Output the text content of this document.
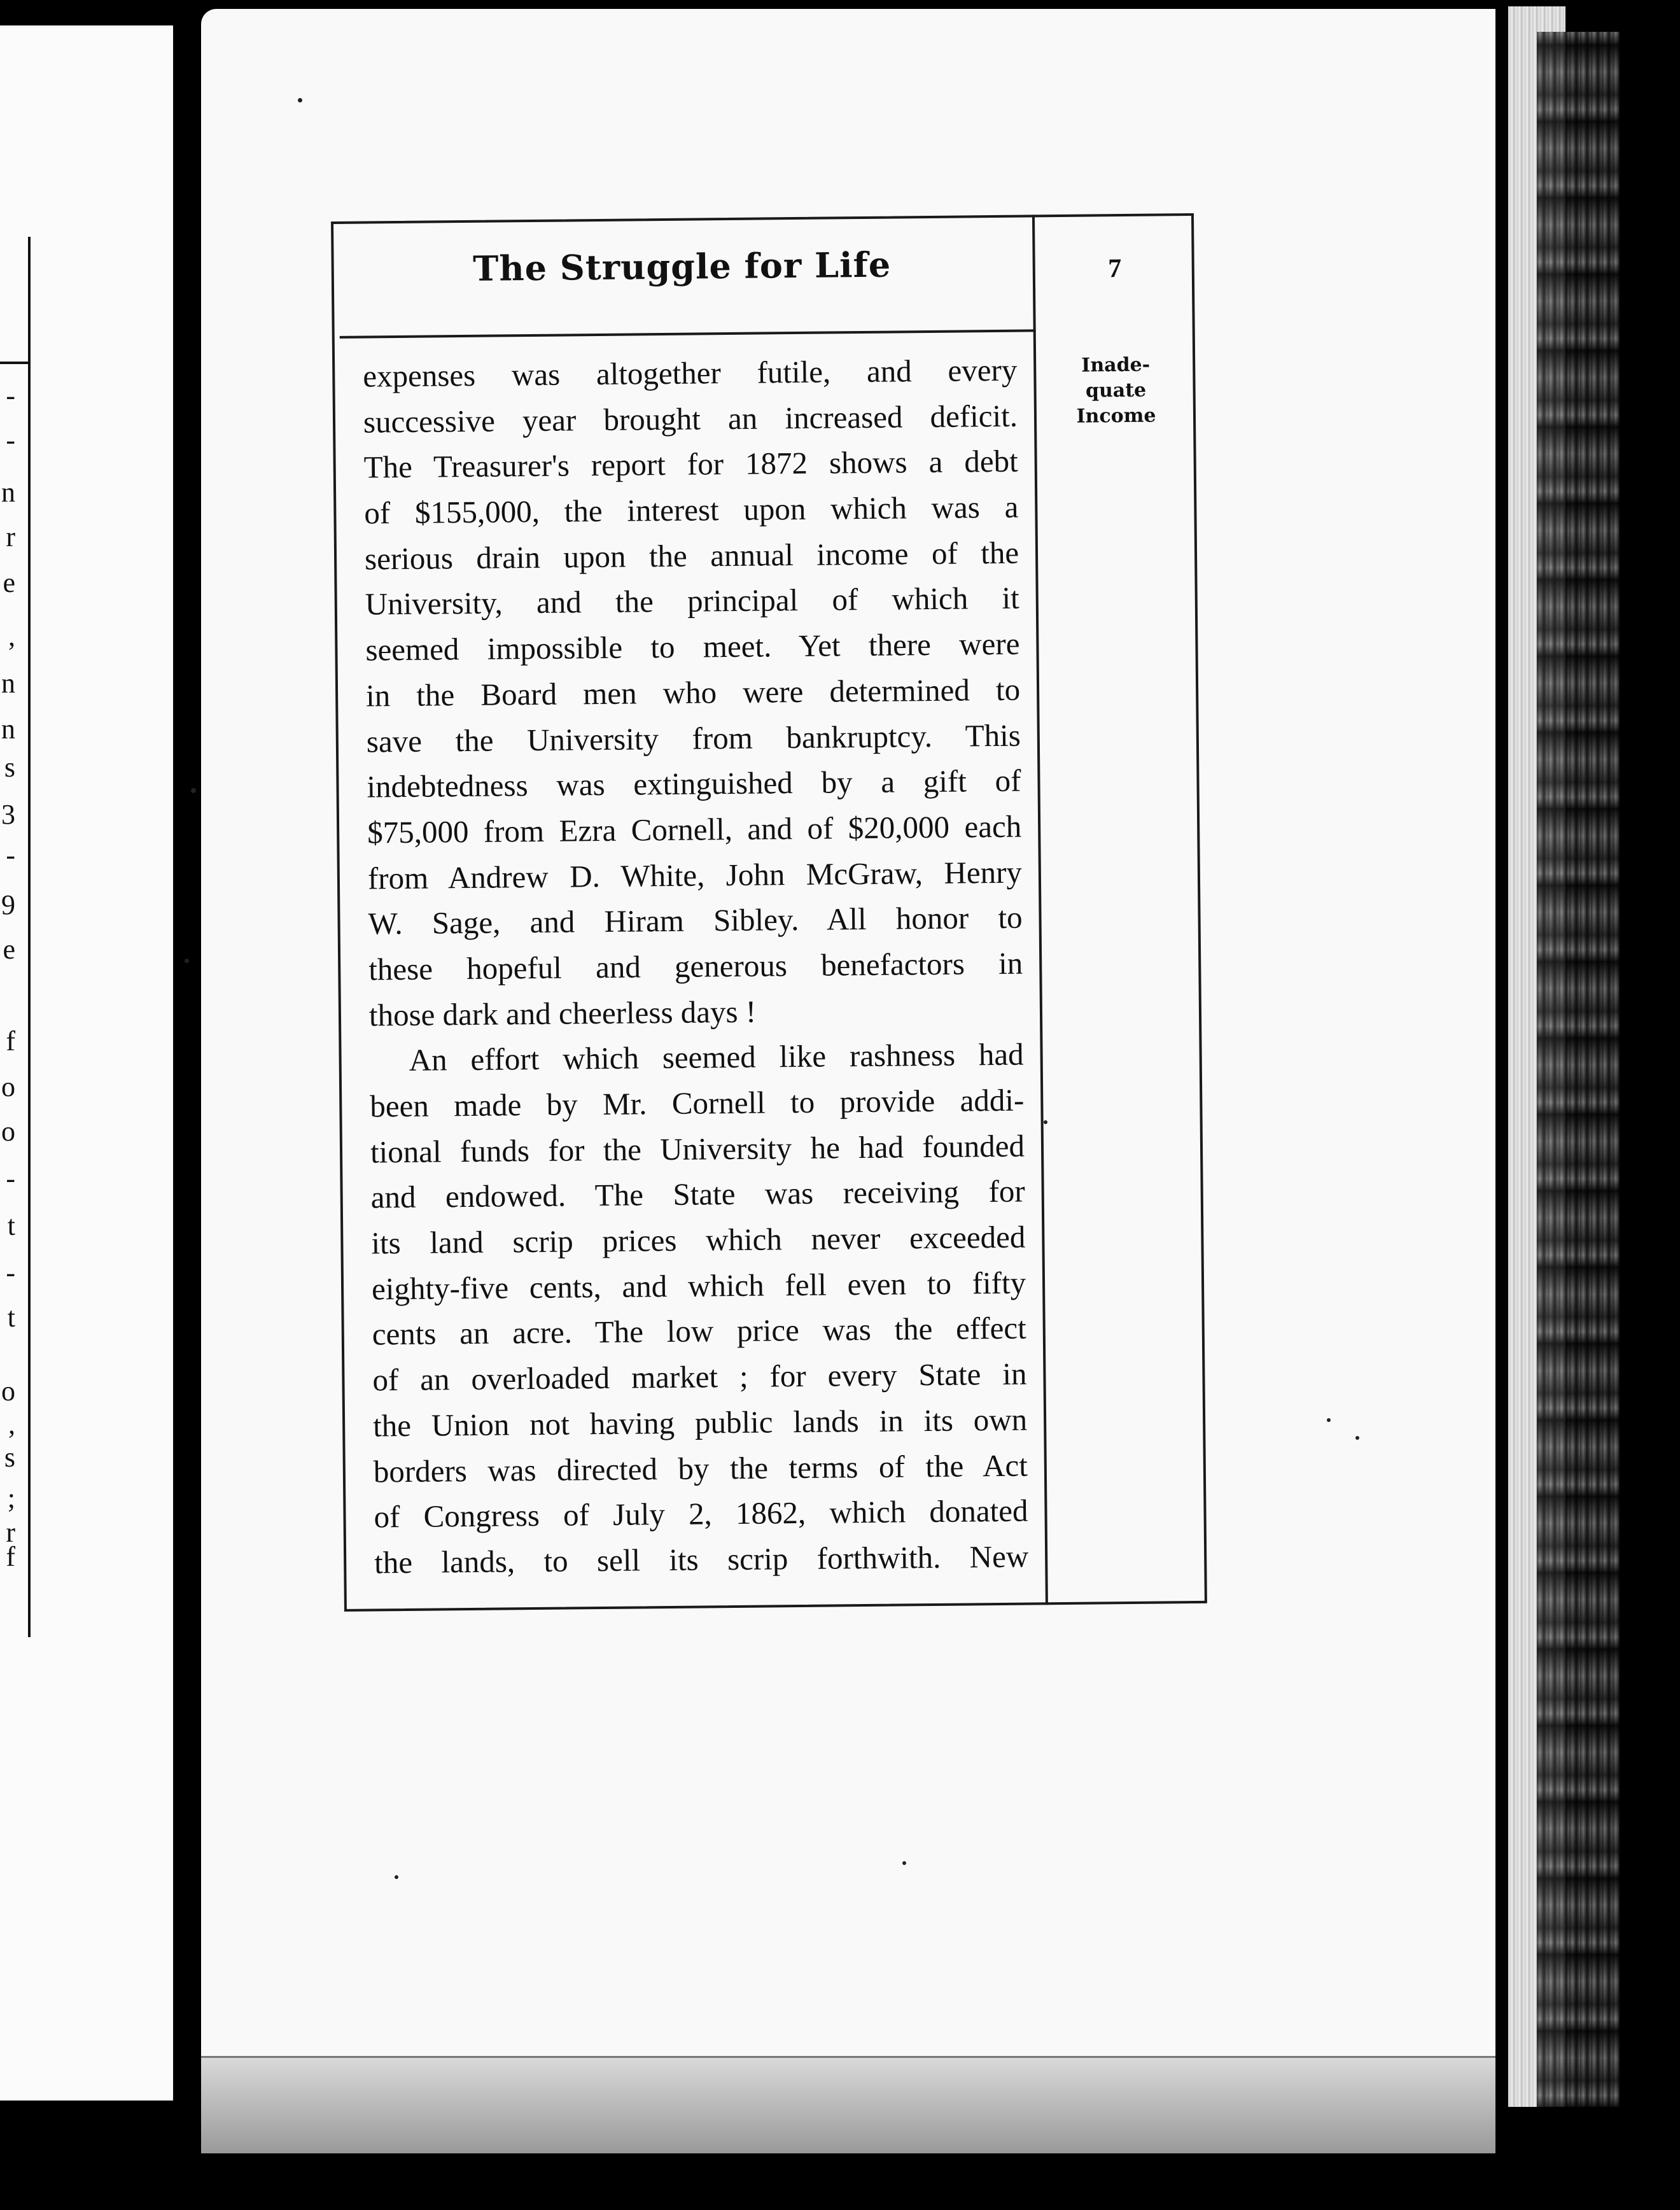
-
-
n
r
e
,
n
n
s
3
-
9
e
f
o
o
-
t
-
t
o
,
s
;
r
f
The Struggle for Life	7
Inade-
quate
Income
expenses was altogether futile, and every
successive year brought an increased deficit.
The Treasurer's report for 1872 shows a debt
of $155,000, the interest upon which was a
serious drain upon the annual income of the
University, and the principal of which it
seemed impossible to meet. Yet there were
in the Board men who were determined to
save the University from bankruptcy. This
indebtedness was extinguished by a gift of
$75,000 from Ezra Cornell, and of $20,000 each
from Andrew D. White, John McGraw, Henry
W. Sage, and Hiram Sibley. All honor to
these hopeful and generous benefactors in
those dark and cheerless days !
An effort which seemed like rashness had
been made by Mr. Cornell to provide addi-
tional funds for the University he had founded
and endowed. The State was receiving for
its land scrip prices which never exceeded
eighty-five cents, and which fell even to fifty
cents an acre. The low price was the effect
of an overloaded market ; for every State in
the Union not having public lands in its own
borders was directed by the terms of the Act
of Congress of July 2, 1862, which donated
the lands, to sell its scrip forthwith. New
